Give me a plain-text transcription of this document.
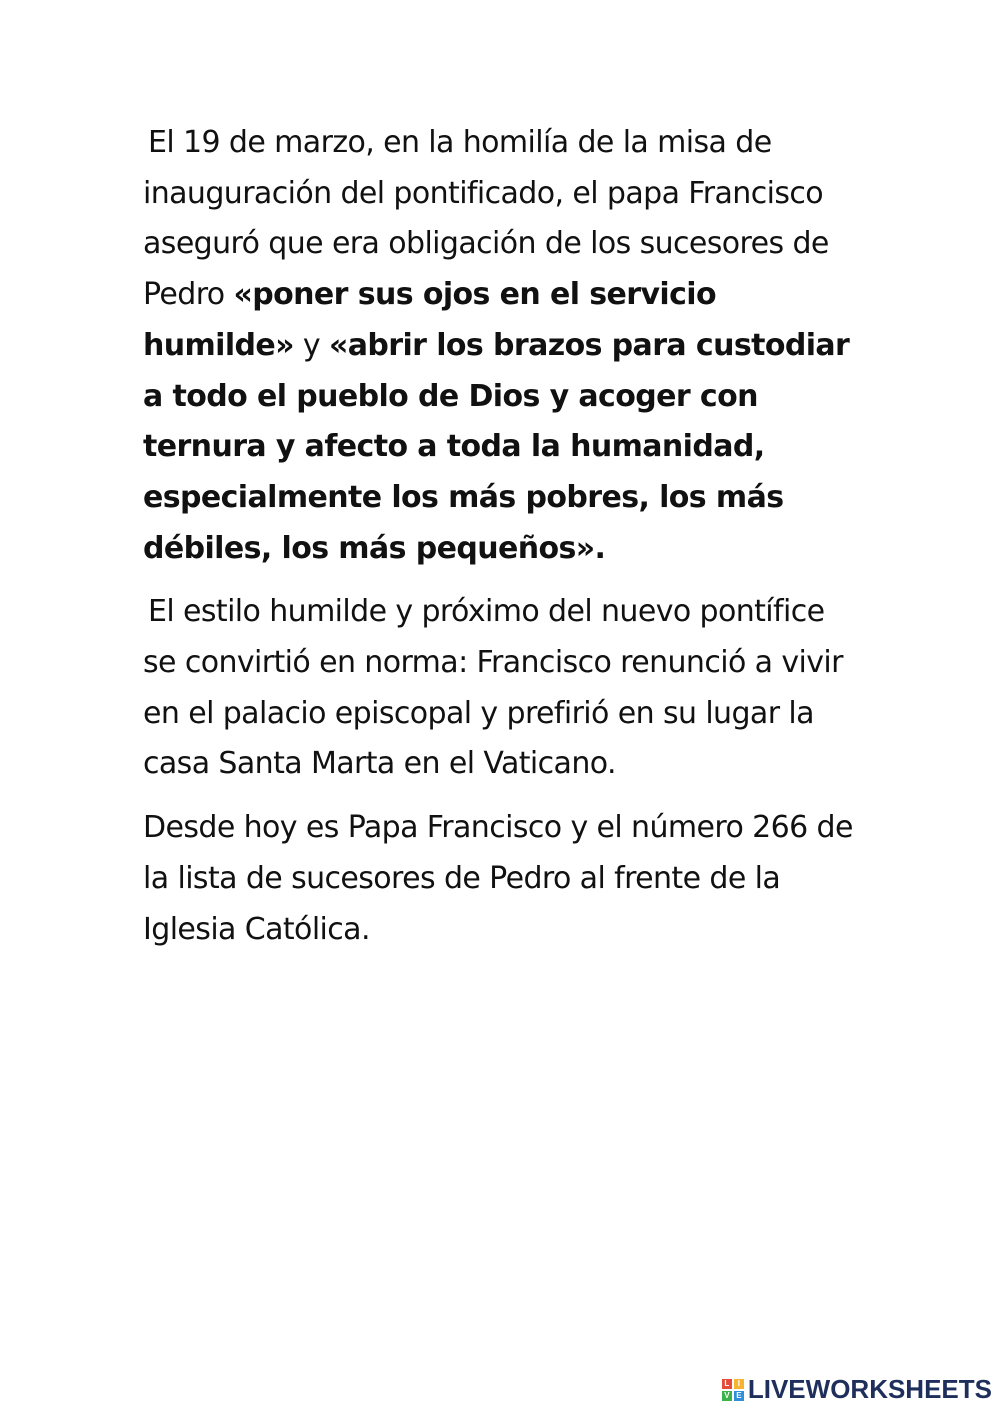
El 19 de marzo, en la homilía de la misa de inauguración del pontificado, el papa Francisco aseguró que era obligación de los sucesores de Pedro «poner sus ojos en el servicio humilde» y «abrir los brazos para custodiar a todo el pueblo de Dios y acoger con ternura y afecto a toda la humanidad, especialmente los más pobres, los más débiles, los más pequeños».

El estilo humilde y próximo del nuevo pontífice se convirtió en norma: Francisco renunció a vivir en el palacio episcopal y prefirió en su lugar la casa Santa Marta en el Vaticano.

Desde hoy es Papa Francisco y el número 266 de la lista de sucesores de Pedro al frente de la Iglesia Católica.

L	I
V E LIVEWORKSHEETS
